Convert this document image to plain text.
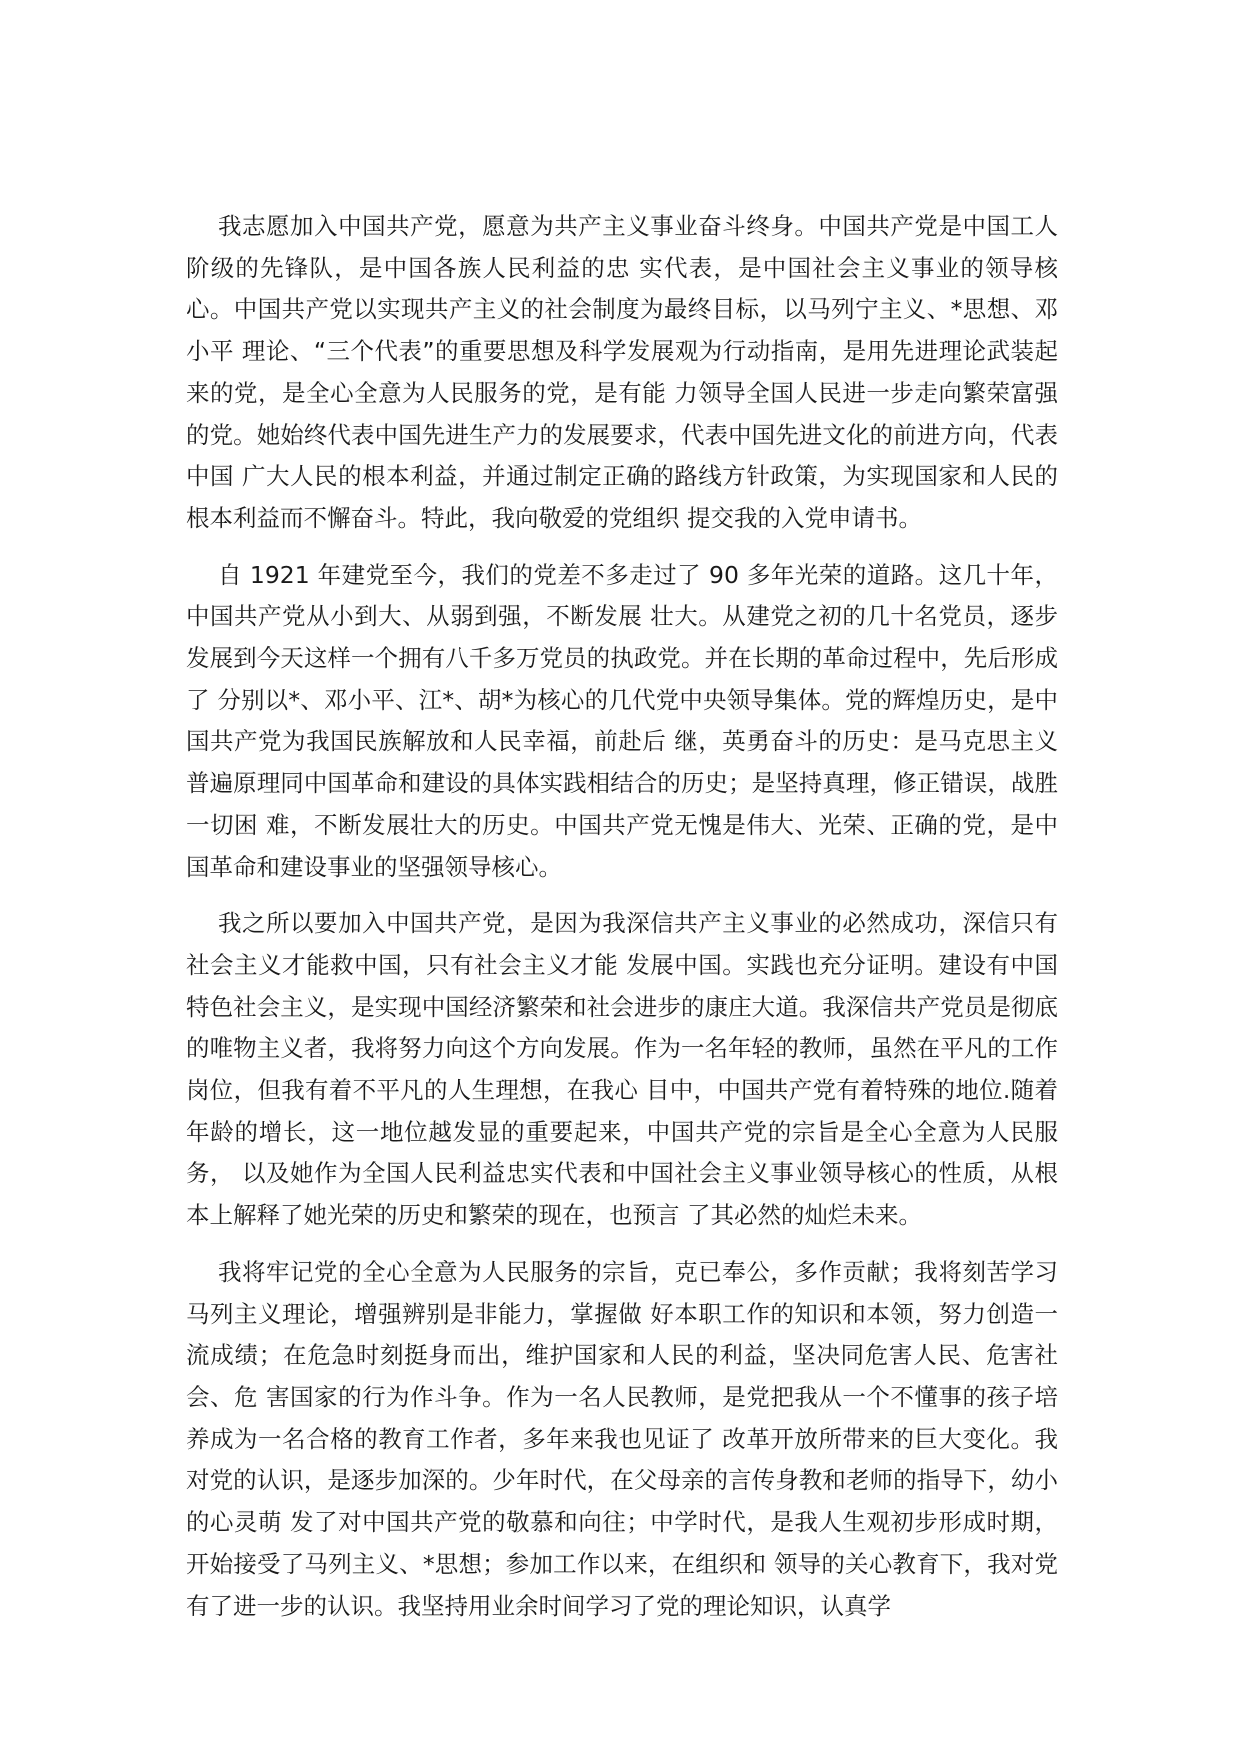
我志愿加入中国共产党，愿意为共产主义事业奋斗终身。中国共产党是中国工人阶级的先锋队，是中国各族人民利益的忠 实代表，是中国社会主义事业的领导核心。中国共产党以实现共产主义的社会制度为最终目标，以马列宁主义、*思想、邓小平 理论、“三个代表”的重要思想及科学发展观为行动指南，是用先进理论武装起来的党，是全心全意为人民服务的党，是有能 力领导全国人民进一步走向繁荣富强的党。她始终代表中国先进生产力的发展要求，代表中国先进文化的前进方向，代表中国 广大人民的根本利益，并通过制定正确的路线方针政策，为实现国家和人民的根本利益而不懈奋斗。特此，我向敬爱的党组织 提交我的入党申请书。

自 1921 年建党至今，我们的党差不多走过了 90 多年光荣的道路。这几十年，中国共产党从小到大、从弱到强，不断发展 壮大。从建党之初的几十名党员，逐步发展到今天这样一个拥有八千多万党员的执政党。并在长期的革命过程中，先后形成了 分别以*、邓小平、江*、胡*为核心的几代党中央领导集体。党的辉煌历史，是中国共产党为我国民族解放和人民幸福，前赴后 继，英勇奋斗的历史：是马克思主义普遍原理同中国革命和建设的具体实践相结合的历史；是坚持真理，修正错误，战胜一切困 难，不断发展壮大的历史。中国共产党无愧是伟大、光荣、正确的党，是中国革命和建设事业的坚强领导核心。

我之所以要加入中国共产党，是因为我深信共产主义事业的必然成功，深信只有社会主义才能救中国，只有社会主义才能 发展中国。实践也充分证明。建设有中国特色社会主义，是实现中国经济繁荣和社会进步的康庄大道。我深信共产党员是彻底 的唯物主义者，我将努力向这个方向发展。作为一名年轻的教师，虽然在平凡的工作岗位，但我有着不平凡的人生理想，在我心 目中，中国共产党有着特殊的地位.随着年龄的增长，这一地位越发显的重要起来，中国共产党的宗旨是全心全意为人民服务， 以及她作为全国人民利益忠实代表和中国社会主义事业领导核心的性质，从根本上解释了她光荣的历史和繁荣的现在，也预言 了其必然的灿烂未来。

我将牢记党的全心全意为人民服务的宗旨，克已奉公，多作贡献；我将刻苦学习马列主义理论，增强辨别是非能力，掌握做 好本职工作的知识和本领，努力创造一流成绩；在危急时刻挺身而出，维护国家和人民的利益，坚决同危害人民、危害社会、危 害国家的行为作斗争。作为一名人民教师，是党把我从一个不懂事的孩子培养成为一名合格的教育工作者，多年来我也见证了 改革开放所带来的巨大变化。我对党的认识，是逐步加深的。少年时代，在父母亲的言传身教和老师的指导下，幼小的心灵萌 发了对中国共产党的敬慕和向往；中学时代，是我人生观初步形成时期，开始接受了马列主义、*思想；参加工作以来，在组织和 领导的关心教育下，我对党有了进一步的认识。我坚持用业余时间学习了党的理论知识，认真学
